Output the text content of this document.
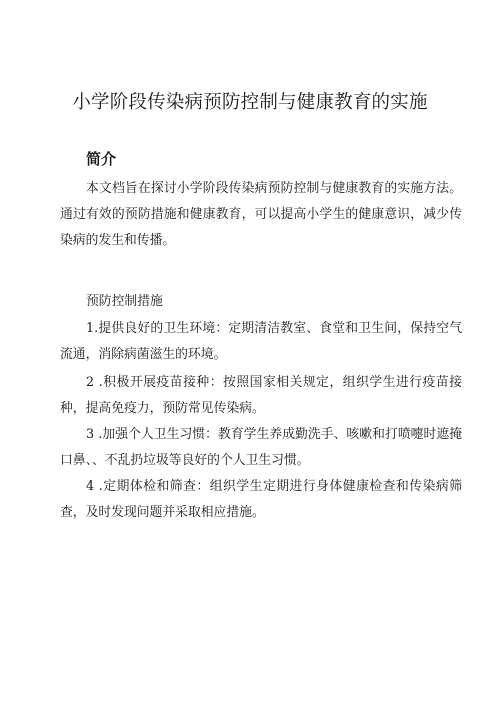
小学阶段传染病预防控制与健康教育的实施
简介

本文档旨在探讨小学阶段传染病预防控制与健康教育的实施方法。通过有效的预防措施和健康教育，可以提高小学生的健康意识，减少传染病的发生和传播。

预防控制措施

1.提供良好的卫生环境：定期清洁教室、食堂和卫生间，保持空气流通，消除病菌滋生的环境。

2 .积极开展疫苗接种：按照国家相关规定，组织学生进行疫苗接种，提高免疫力，预防常见传染病。

3 .加强个人卫生习惯：教育学生养成勤洗手、咳嗽和打喷嚏时遮掩口鼻、、不乱扔垃圾等良好的个人卫生习惯。

4 .定期体检和筛查：组织学生定期进行身体健康检查和传染病筛查，及时发现问题并采取相应措施。
